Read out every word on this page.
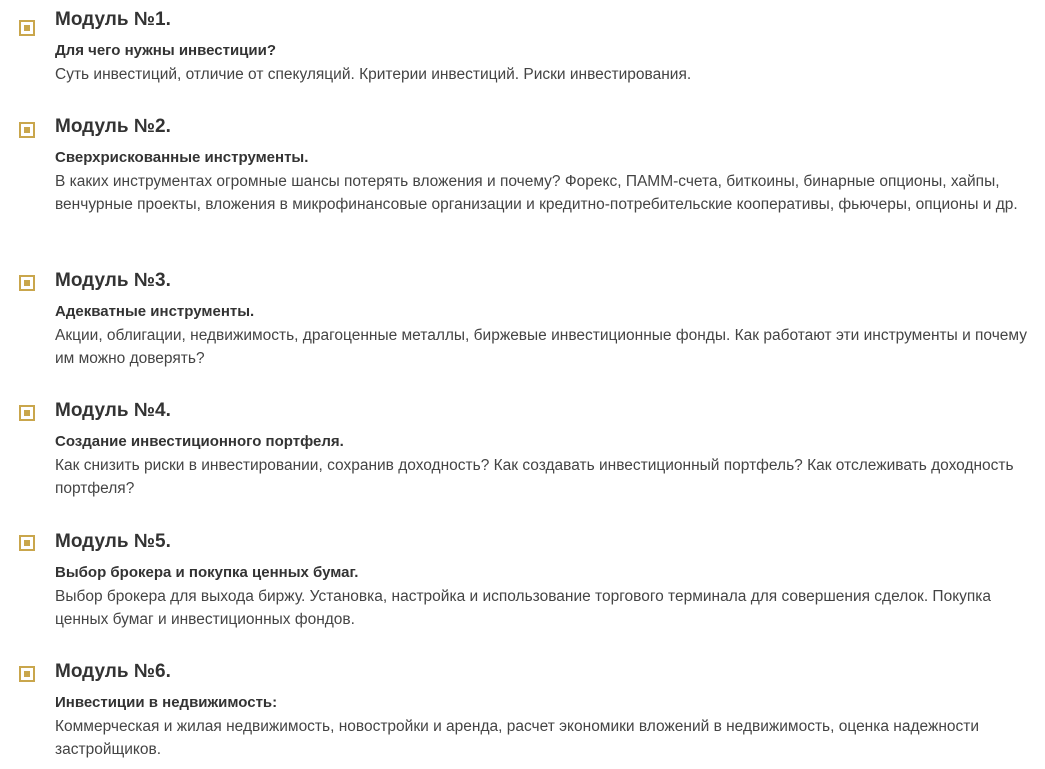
Модуль №1.
Для чего нужны инвестиции?

Суть инвестиций, отличие от спекуляций. Критерии инвестиций. Риски инвестирования.

Модуль №2.
Сверхрискованные инструменты.

В каких инструментах огромные шансы потерять вложения и почему? Форекс, ПАММ-счета, биткоины, бинарные опционы, хайпы, венчурные проекты, вложения в микрофинансовые организации и кредитно-потребительские кооперативы, фьючеры, опционы и др.

Модуль №3.
Адекватные инструменты.

Акции, облигации, недвижимость, драгоценные металлы, биржевые инвестиционные фонды. Как работают эти инструменты и почему им можно доверять?

Модуль №4.
Создание инвестиционного портфеля.

Как снизить риски в инвестировании, сохранив доходность? Как создавать инвестиционный портфель? Как отслеживать доходность портфеля?

Модуль №5.
Выбор брокера и покупка ценных бумаг.

Выбор брокера для выхода биржу. Установка, настройка и использование торгового терминала для совершения сделок. Покупка ценных бумаг и инвестиционных фондов.

Модуль №6.
Инвестиции в недвижимость:

Коммерческая и жилая недвижимость, новостройки и аренда, расчет экономики вложений в недвижимость, оценка надежности застройщиков.
